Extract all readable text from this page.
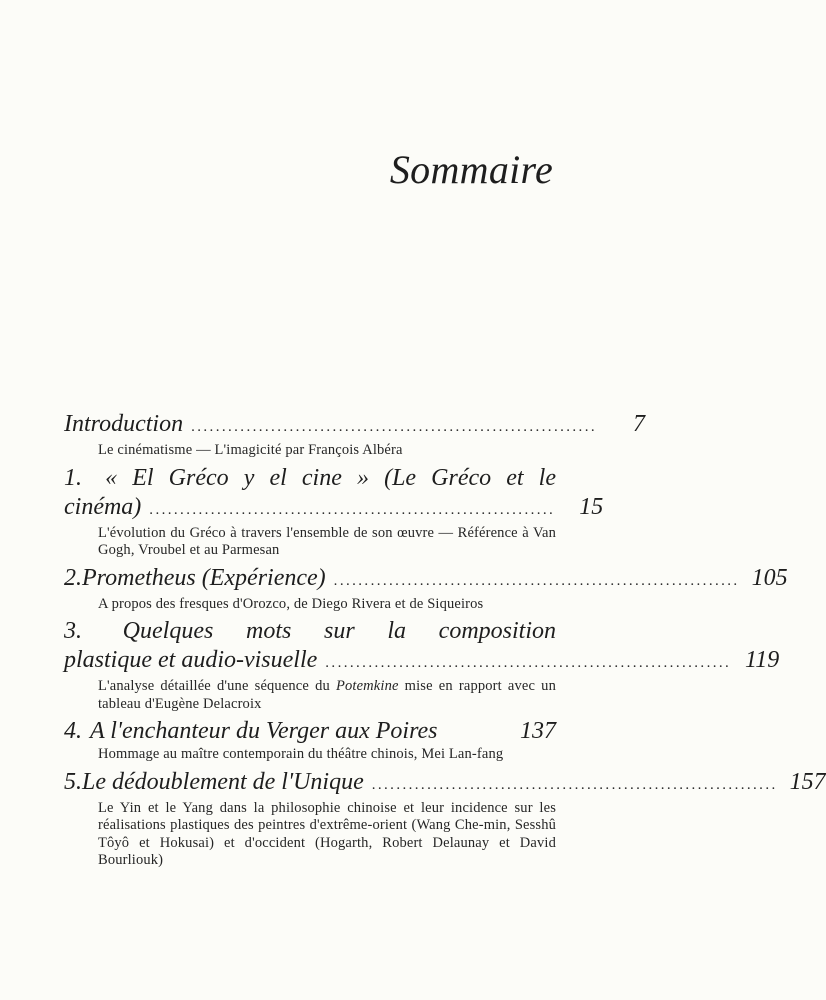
Sommaire
Introduction ..................................................................	7
Le cinématisme — L'imagicité par François Albéra
1. « El Gréco y el cine » (Le Gréco et le
cinéma) ..................................................................	15
L'évolution du Gréco à travers l'ensemble de son œuvre — Référence à Van Gogh, Vroubel et au Parmesan
2. Prometheus (Expérience) .................................................................. 105
A propos des fresques d'Orozco, de Diego Rivera et de Siqueiros
3. Quelques mots sur la composition
plastique et audio-visuelle .................................................................. 119
L'analyse détaillée d'une séquence du Potemkine mise en rapport avec un tableau d'Eugène Delacroix
4. A l'enchanteur du Verger aux Poires	137
Hommage au maître contemporain du théâtre chinois, Mei Lan-fang
5. Le dédoublement de l'Unique .................................................................. 157
Le Yin et le Yang dans la philosophie chinoise et leur incidence sur les réalisations plastiques des peintres d'extrême-orient (Wang Che-min, Sesshû Tôyô et Hokusai) et d'occident (Hogarth, Robert Delaunay et David Bourliouk)
